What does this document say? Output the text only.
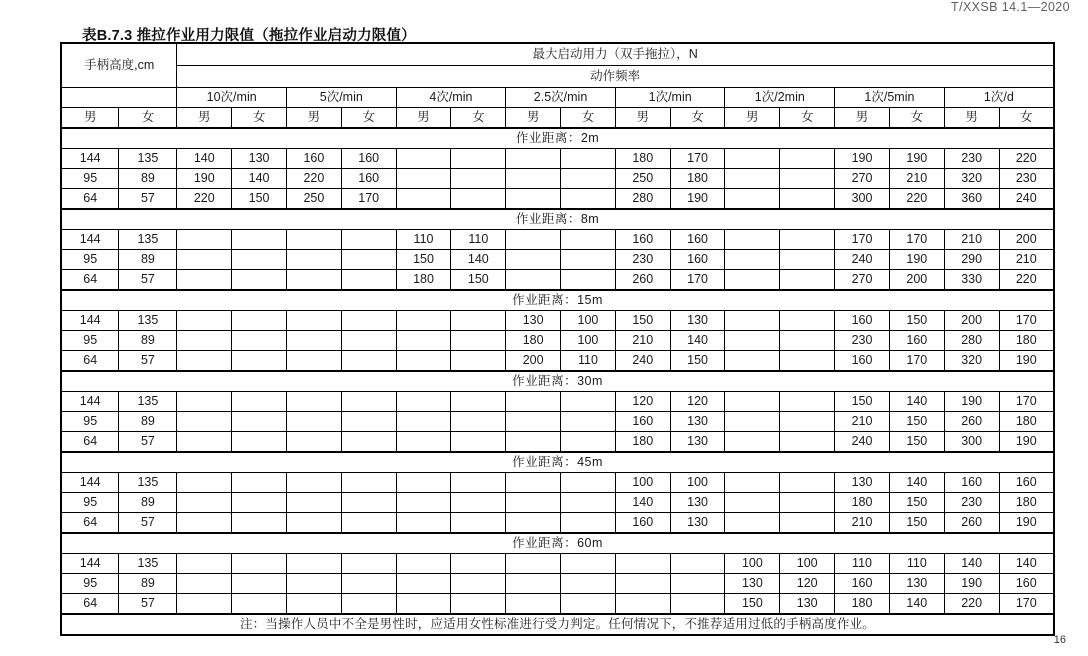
T/XXSB 14.1—2020
表B.7.3 推拉作业用力限值（拖拉作业启动力限值）
手柄高度,cm		最大启动用力（双手拖拉），N															
		动作频率															
		10次/min		5次/min		4次/min		2.5次/min		1次/min		1次/2min		1次/5min		1次/d	
男	女	男	女	男	女	男	女	男	女	男	女	男	女	男	女	男	女
作业距离：2m																	
144	135	140	130	160	160					180	170			190	190	230	220
95	89	190	140	220	160					250	180			270	210	320	230
64	57	220	150	250	170					280	190			300	220	360	240
作业距离：8m																	
144	135					110	110			160	160			170	170	210	200
95	89					150	140			230	160			240	190	290	210
64	57					180	150			260	170			270	200	330	220
作业距离：15m																	
144	135							130	100	150	130			160	150	200	170
95	89							180	100	210	140			230	160	280	180
64	57							200	110	240	150			160	170	320	190
作业距离：30m																	
144	135									120	120			150	140	190	170
95	89									160	130			210	150	260	180
64	57									180	130			240	150	300	190
作业距离：45m																	
144	135									100	100			130	140	160	160
95	89									140	130			180	150	230	180
64	57									160	130			210	150	260	190
作业距离：60m																	
144	135											100	100	110	110	140	140
95	89											130	120	160	130	190	160
64	57											150	130	180	140	220	170
注：当操作人员中不全是男性时，应适用女性标准进行受力判定。任何情况下，不推荐适用过低的手柄高度作业。																	
16
